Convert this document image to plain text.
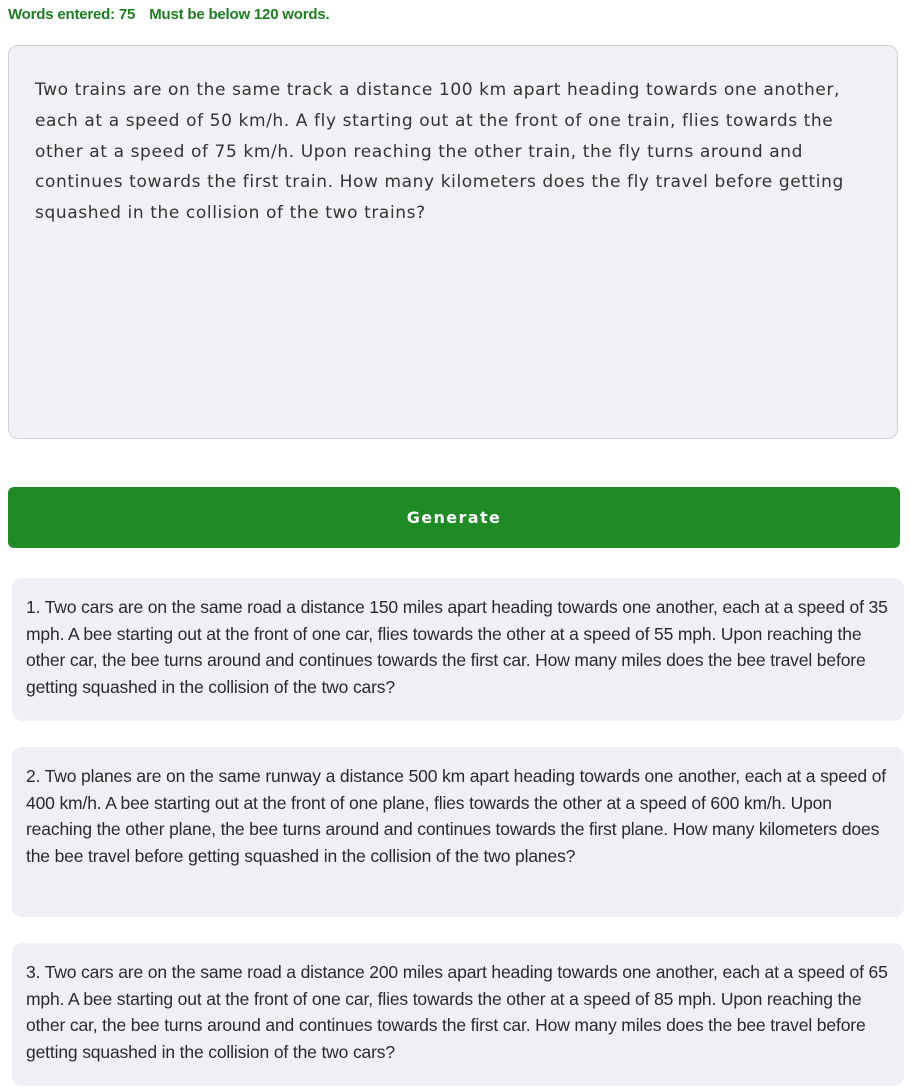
Words entered: 75 Must be below 120 words.
Two trains are on the same track a distance 100 km apart heading towards one another, each at a speed of 50 km/h. A fly starting out at the front of one train, flies towards the other at a speed of 75 km/h. Upon reaching the other train, the fly turns around and continues towards the first train. How many kilometers does the fly travel before getting squashed in the collision of the two trains?
Generate
1. Two cars are on the same road a distance 150 miles apart heading towards one another, each at a speed of 35 mph. A bee starting out at the front of one car, flies towards the other at a speed of 55 mph. Upon reaching the other car, the bee turns around and continues towards the first car. How many miles does the bee travel before getting squashed in the collision of the two cars?
2. Two planes are on the same runway a distance 500 km apart heading towards one another, each at a speed of 400 km/h. A bee starting out at the front of one plane, flies towards the other at a speed of 600 km/h. Upon reaching the other plane, the bee turns around and continues towards the first plane. How many kilometers does the bee travel before getting squashed in the collision of the two planes?
3. Two cars are on the same road a distance 200 miles apart heading towards one another, each at a speed of 65 mph. A bee starting out at the front of one car, flies towards the other at a speed of 85 mph. Upon reaching the other car, the bee turns around and continues towards the first car. How many miles does the bee travel before getting squashed in the collision of the two cars?
